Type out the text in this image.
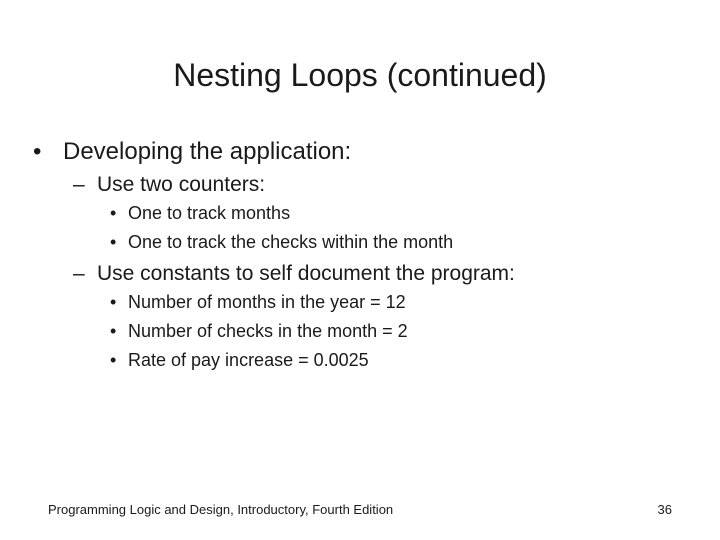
Nesting Loops (continued)
• Developing the application:
– Use two counters:
• One to track months
• One to track the checks within the month
– Use constants to self document the program:
• Number of months in the year = 12
• Number of checks in the month = 2
• Rate of pay increase = 0.0025
Programming Logic and Design, Introductory, Fourth Edition	36
